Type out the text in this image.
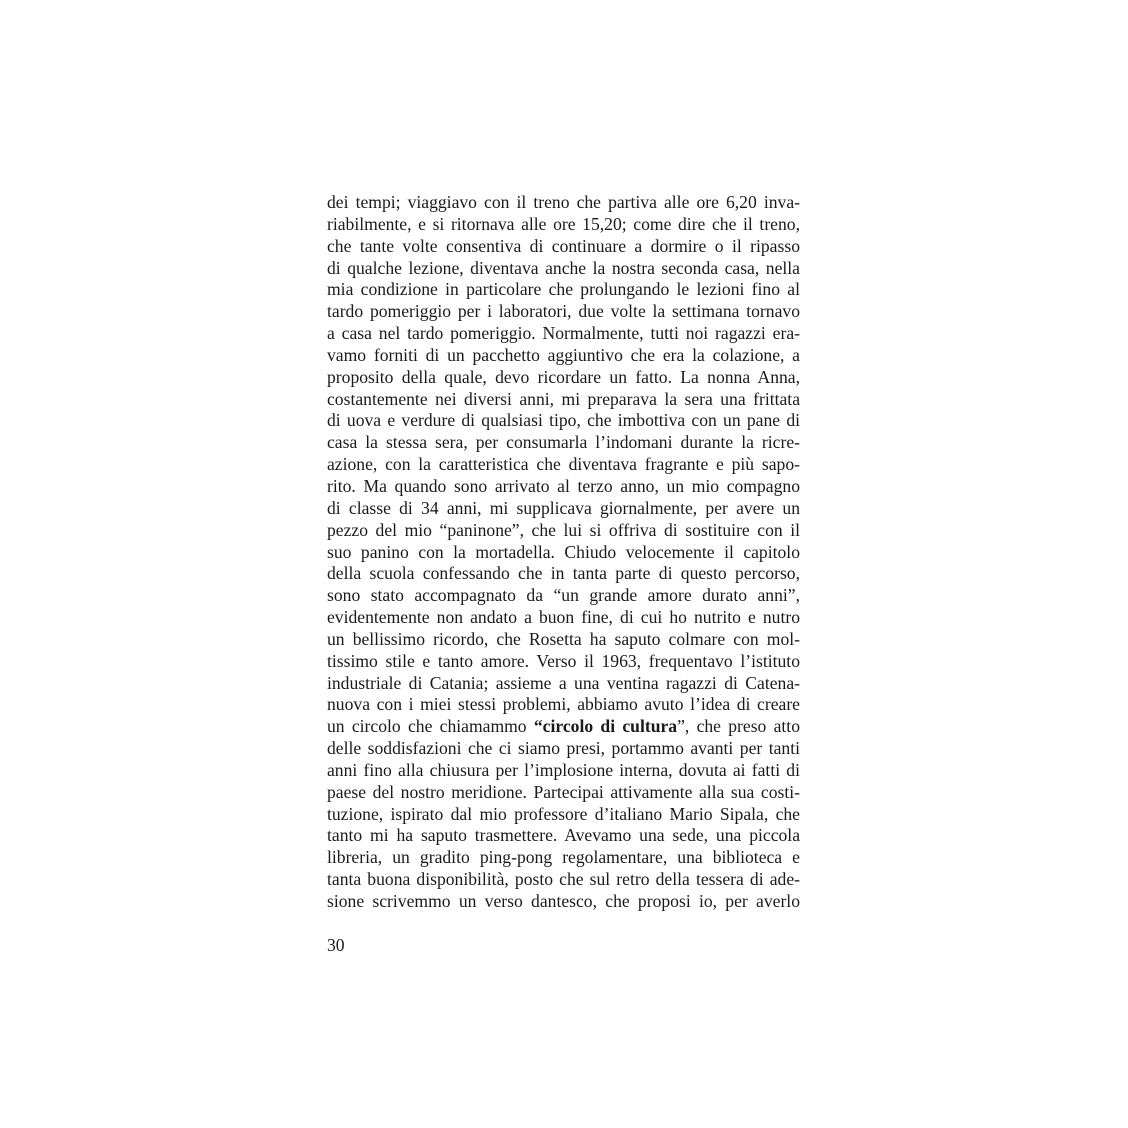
dei tempi; viaggiavo con il treno che partiva alle ore 6,20 inva-
riabilmente, e si ritornava alle ore 15,20; come dire che il treno,
che tante volte consentiva di continuare a dormire o il ripasso
di qualche lezione, diventava anche la nostra seconda casa, nella
mia condizione in particolare che prolungando le lezioni fino al
tardo pomeriggio per i laboratori, due volte la settimana tornavo
a casa nel tardo pomeriggio. Normalmente, tutti noi ragazzi era-
vamo forniti di un pacchetto aggiuntivo che era la colazione, a
proposito della quale, devo ricordare un fatto. La nonna Anna,
costantemente nei diversi anni, mi preparava la sera una frittata
di uova e verdure di qualsiasi tipo, che imbottiva con un pane di
casa la stessa sera, per consumarla l’indomani durante la ricre-
azione, con la caratteristica che diventava fragrante e più sapo-
rito. Ma quando sono arrivato al terzo anno, un mio compagno
di classe di 34 anni, mi supplicava giornalmente, per avere un
pezzo del mio “paninone”, che lui si offriva di sostituire con il
suo panino con la mortadella. Chiudo velocemente il capitolo
della scuola confessando che in tanta parte di questo percorso,
sono stato accompagnato da “un grande amore durato anni”,
evidentemente non andato a buon fine, di cui ho nutrito e nutro
un bellissimo ricordo, che Rosetta ha saputo colmare con mol-
tissimo stile e tanto amore. Verso il 1963, frequentavo l’istituto
industriale di Catania; assieme a una ventina ragazzi di Catena-
nuova con i miei stessi problemi, abbiamo avuto l’idea di creare
un circolo che chiamammo “circolo di cultura”, che preso atto
delle soddisfazioni che ci siamo presi, portammo avanti per tanti
anni fino alla chiusura per l’implosione interna, dovuta ai fatti di
paese del nostro meridione. Partecipai attivamente alla sua costi-
tuzione, ispirato dal mio professore d’italiano Mario Sipala, che
tanto mi ha saputo trasmettere. Avevamo una sede, una piccola
libreria, un gradito ping-pong regolamentare, una biblioteca e
tanta buona disponibilità, posto che sul retro della tessera di ade-
sione scrivemmo un verso dantesco, che proposi io, per averlo
30
